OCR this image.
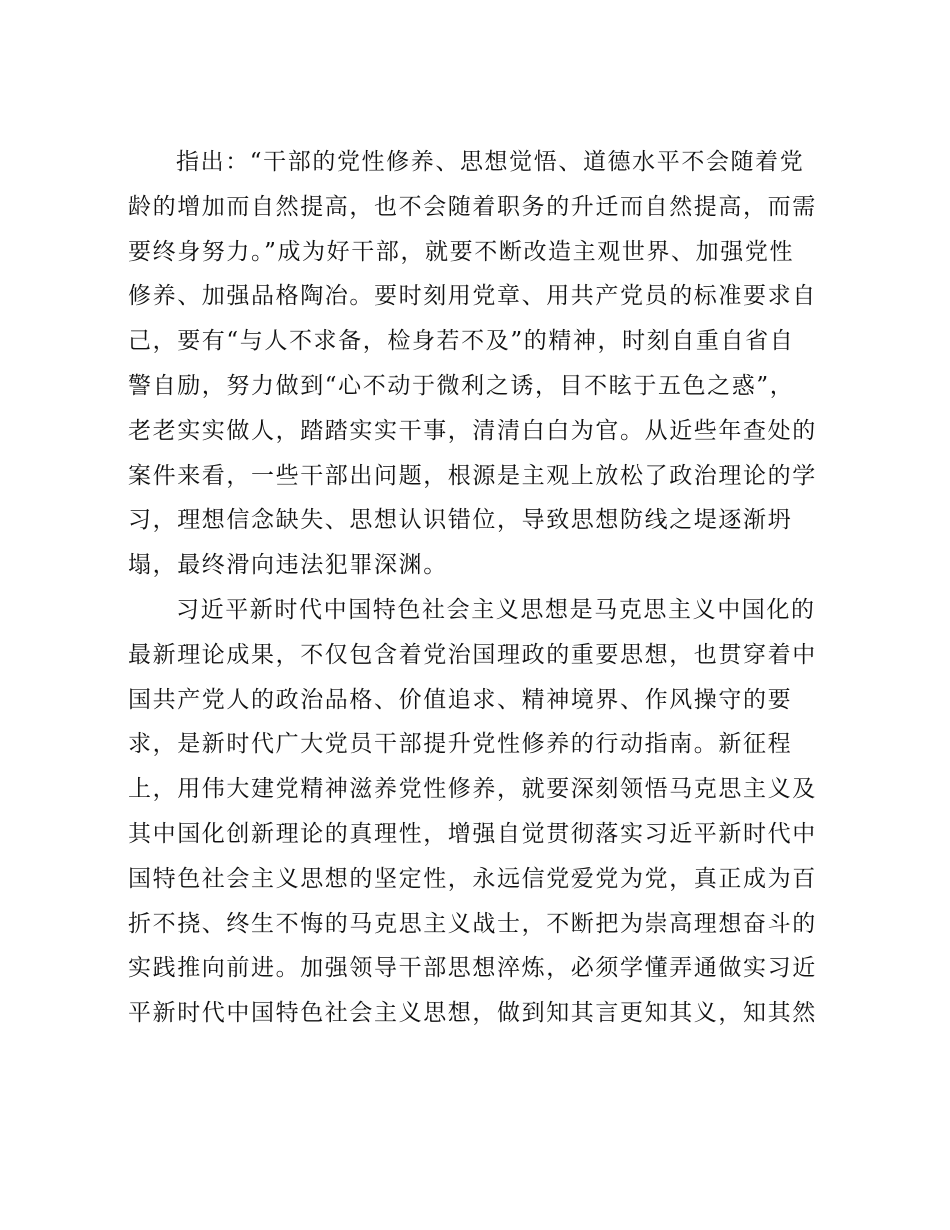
指出：“干部的党性修养、思想觉悟、道德水平不会随着党
龄的增加而自然提高，也不会随着职务的升迁而自然提高，而需
要终身努力。”成为好干部，就要不断改造主观世界、加强党性
修养、加强品格陶冶。要时刻用党章、用共产党员的标准要求自
己，要有“与人不求备，检身若不及”的精神，时刻自重自省自
警自励，努力做到“心不动于微利之诱，目不眩于五色之惑”，
老老实实做人，踏踏实实干事，清清白白为官。从近些年查处的
案件来看，一些干部出问题，根源是主观上放松了政治理论的学
习，理想信念缺失、思想认识错位，导致思想防线之堤逐渐坍
塌，最终滑向违法犯罪深渊。
习近平新时代中国特色社会主义思想是马克思主义中国化的
最新理论成果，不仅包含着党治国理政的重要思想，也贯穿着中
国共产党人的政治品格、价值追求、精神境界、作风操守的要
求，是新时代广大党员干部提升党性修养的行动指南。新征程
上，用伟大建党精神滋养党性修养，就要深刻领悟马克思主义及
其中国化创新理论的真理性，增强自觉贯彻落实习近平新时代中
国特色社会主义思想的坚定性，永远信党爱党为党，真正成为百
折不挠、终生不悔的马克思主义战士，不断把为崇高理想奋斗的
实践推向前进。加强领导干部思想淬炼，必须学懂弄通做实习近
平新时代中国特色社会主义思想，做到知其言更知其义，知其然
